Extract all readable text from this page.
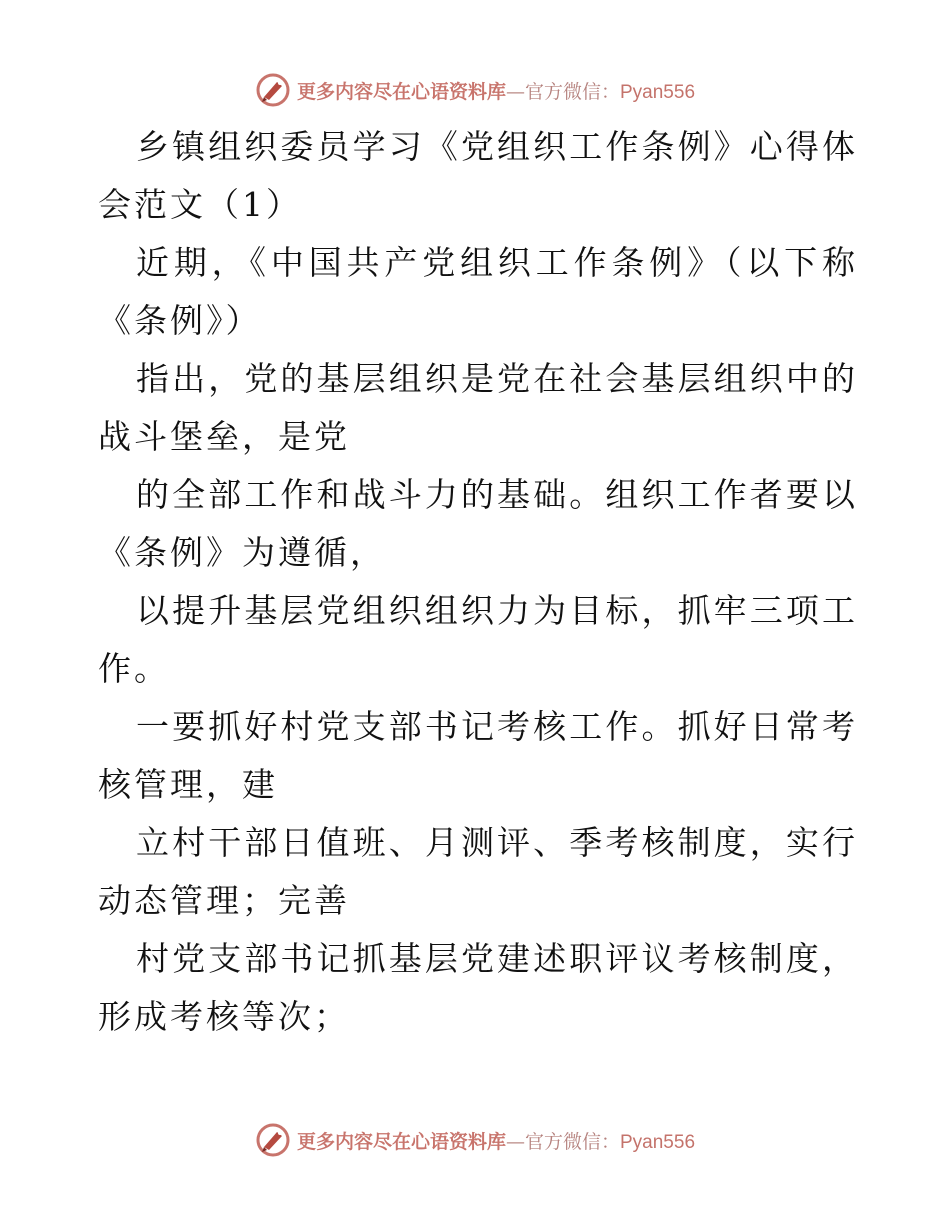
更多内容尽在心语资料库—官方微信：Pyan556

乡镇组织委员学习《党组织工作条例》心得体会范文（1）

近期，《中国共产党组织工作条例》（以下称《条例》）

指出，党的基层组织是党在社会基层组织中的战斗堡垒，是党

的全部工作和战斗力的基础。组织工作者要以《条例》为遵循，

以提升基层党组织组织力为目标，抓牢三项工作。

一要抓好村党支部书记考核工作。抓好日常考核管理，建

立村干部日值班、月测评、季考核制度，实行动态管理；完善

村党支部书记抓基层党建述职评议考核制度，形成考核等次；

更多内容尽在心语资料库—官方微信：Pyan556
